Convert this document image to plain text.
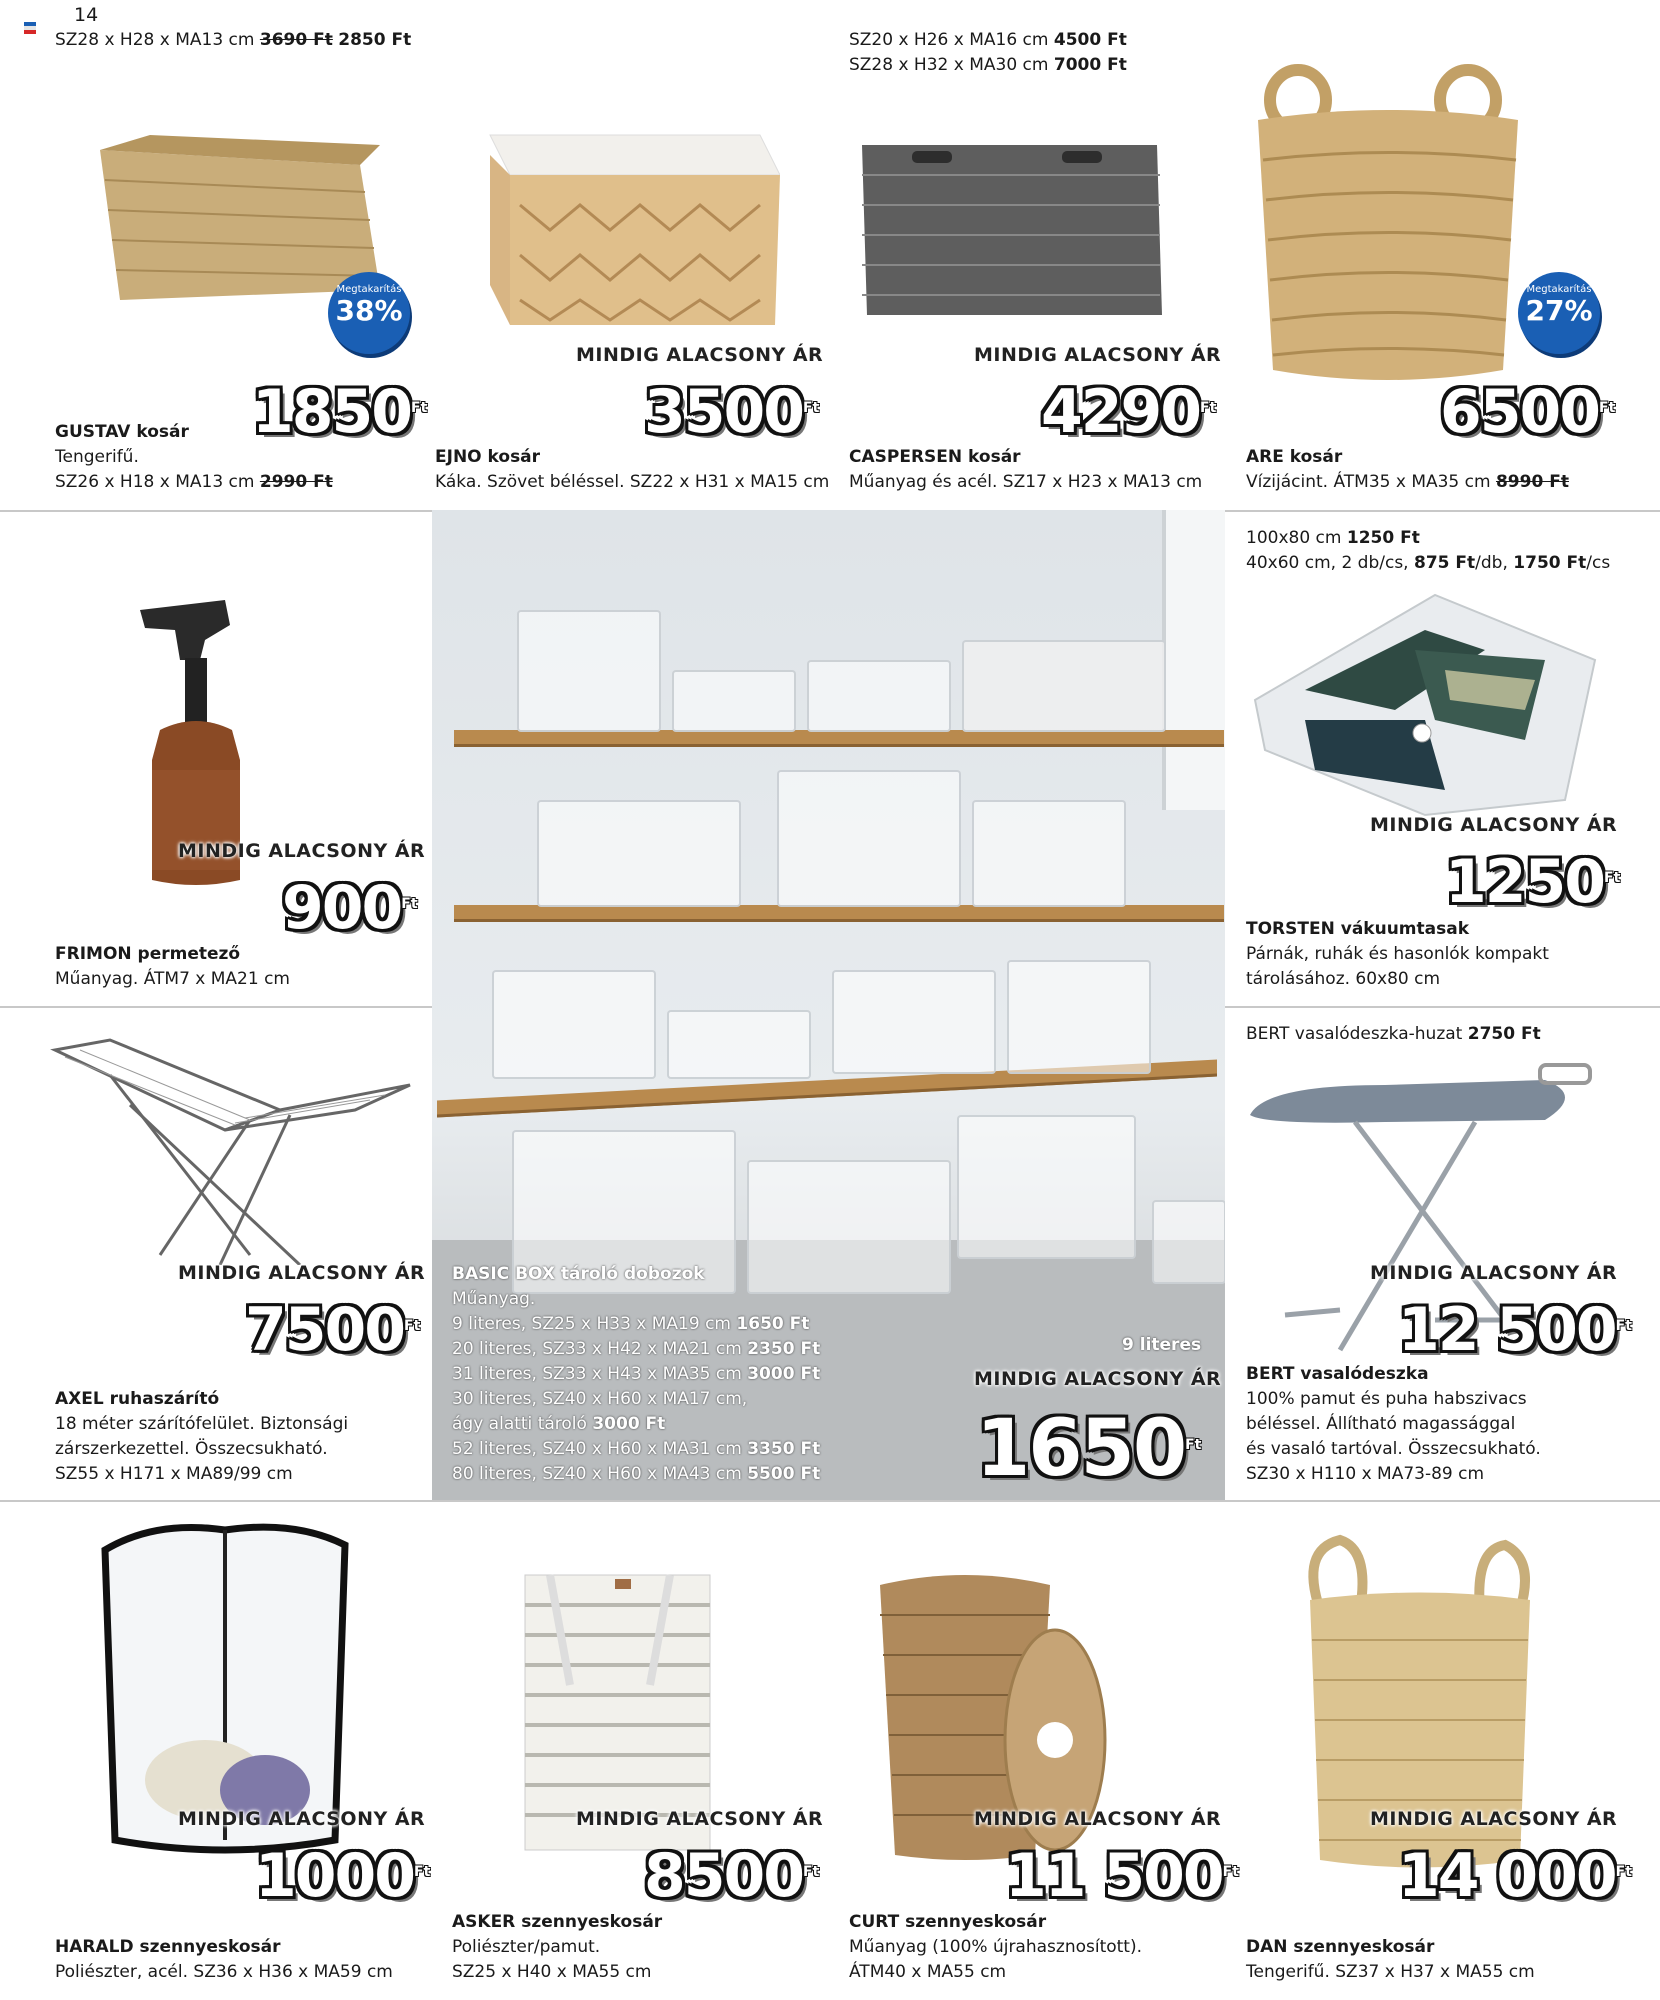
14
SZ28 x H28 x MA13 cm 3690 Ft 2850 Ft	SZ20 x H26 x MA16 cm 4500 Ft
SZ28 x H32 x MA30 cm 7000 Ft
Megtakarítás
38%
Megtakarítás
27%
MINDIG ALACSONY ÁR	MINDIG ALACSONY ÁR
$1850^{Ft}$	$3500^{Ft}$	$4290^{Ft}$	$6500^{Ft}$
GUSTAV kosár
Tengerifű.
SZ26 x H18 x MA13 cm 2990 Ft
EJNO kosár
Káka. Szövet béléssel. SZ22 x H31 x MA15 cm
CASPERSEN kosár
Műanyag és acél. SZ17 x H23 x MA13 cm
ARE kosár
Vízijácint. ÁTM35 x MA35 cm 8990 Ft
MINDIG ALACSONY ÁR
$900^{Ft}$
FRIMON permetező
Műanyag. ÁTM7 x MA21 cm
MINDIG ALACSONY ÁR
$7500^{Ft}$
AXEL ruhaszárító
18 méter szárítófelület. Biztonsági
zárszerkezettel. Összecsukható.
SZ55 x H171 x MA89/99 cm
BASIC BOX tároló dobozok
Műanyag.
9 literes, SZ25 x H33 x MA19 cm 1650 Ft
20 literes, SZ33 x H42 x MA21 cm 2350 Ft
31 literes, SZ33 x H43 x MA35 cm 3000 Ft
30 literes, SZ40 x H60 x MA17 cm,
ágy alatti tároló 3000 Ft
52 literes, SZ40 x H60 x MA31 cm 3350 Ft
80 literes, SZ40 x H60 x MA43 cm 5500 Ft
9 literes
MINDIG ALACSONY ÁR
$1650^{Ft}$
100x80 cm 1250 Ft
40x60 cm, 2 db/cs, 875 Ft/db, 1750 Ft/cs
MINDIG ALACSONY ÁR
$1250^{Ft}$
TORSTEN vákuumtasak
Párnák, ruhák és hasonlók kompakt
tárolásához. 60x80 cm
BERT vasalódeszka-huzat 2750 Ft
MINDIG ALACSONY ÁR
12 $500^{Ft}$
BERT vasalódeszka
100% pamut és puha habszivacs
béléssel. Állítható magassággal
és vasaló tartóval. Összecsukható.
SZ30 x H110 x MA73-89 cm
MINDIG ALACSONY ÁR
$1000^{Ft}$
HARALD szennyeskosár
Poliészter, acél. SZ36 x H36 x MA59 cm
MINDIG ALACSONY ÁR
$8500^{Ft}$
ASKER szennyeskosár
Poliészter/pamut.
SZ25 x H40 x MA55 cm
MINDIG ALACSONY ÁR
11 $500^{Ft}$
CURT szennyeskosár
Műanyag (100% újrahasznosított).
ÁTM40 x MA55 cm
MINDIG ALACSONY ÁR
14 $000^{Ft}$
DAN szennyeskosár
Tengerifű. SZ37 x H37 x MA55 cm
